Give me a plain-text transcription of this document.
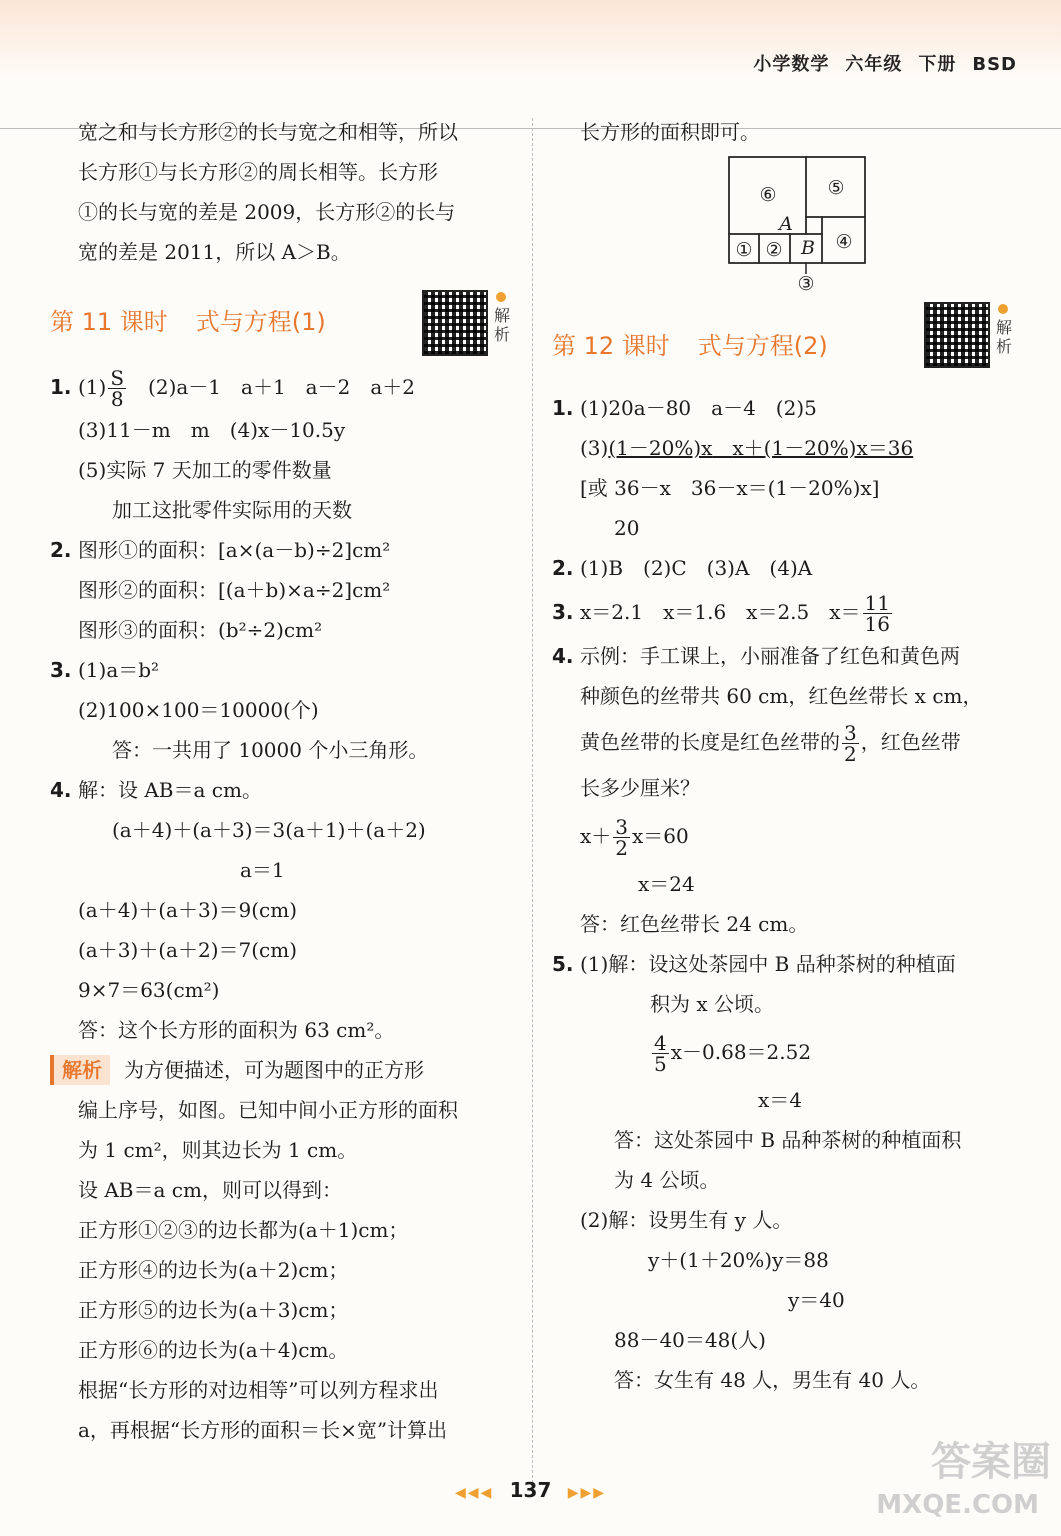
小学数学 六年级 下册 BSD

宽之和与长方形②的长与宽之和相等，所以

长方形①与长方形②的周长相等。长方形

①的长与宽的差是 2009，长方形②的长与

宽的差是 2011，所以 A＞B。

第 11 课时 式与方程(1)	解析

1. $(1) \frac{S}{8}$
　 (2)a－1　a＋1　a－2　a＋2

(3)11－m　m　(4)x－10.5y

(5)实际 7 天加工的零件数量

加工这批零件实际用的天数

2. 图形①的面积：[a×(a－b)÷2]cm²

图形②的面积：[(a＋b)×a÷2]cm²

图形③的面积：(b²÷2)cm²

3. (1)a＝b²

(2)100×100＝10000(个)

答：一共用了 10000 个小三角形。

4. 解：设 AB＝a cm。

(a＋4)＋(a＋3)＝3(a＋1)＋(a＋2)

a＝1

(a＋4)＋(a＋3)＝9(cm)

(a＋3)＋(a＋2)＝7(cm)

9×7＝63(cm²)

答：这个长方形的面积为 63 cm²。

解析 为方便描述，可为题图中的正方形

编上序号，如图。已知中间小正方形的面积

为 1 cm²，则其边长为 1 cm。

设 AB＝a cm，则可以得到：

正方形①②③的边长都为(a＋1)cm；

正方形④的边长为(a＋2)cm；

正方形⑤的边长为(a＋3)cm；

正方形⑥的边长为(a＋4)cm。

根据“长方形的对边相等”可以列方程求出

a，再根据“长方形的面积＝长×宽”计算出

⑥	⑤
A
① ② B ④
③

长方形的面积即可。

第 12 课时 式与方程(2)
解析

1. (1)20a－80　a－4　(2)5

(3)(1－20%)x　 x＋(1－20%)x＝36

[或 36－x　36－x＝(1－20%)x]

20

2. (1)B　(2)C　(3)A　(4)A

3. x＝2.1　x＝1.6　x＝2.5　$x= \frac{11}{16}$

4. 示例：手工课上，小丽准备了红色和黄色两

种颜色的丝带共 60 cm，红色丝带长 x cm，

黄色丝带的长度是红色丝带的 $\frac{3}{2}$ ，红色丝带

长多少厘米？

$x+ \frac{3}{2} x=60$

x＝24

答：红色丝带长 24 cm。

5. (1)解：设这处茶园中 B 品种茶树的种植面

积为 x 公顷。

$\frac{4}{5} x-0.68=2.52$

x＝4

答：这处茶园中 B 品种茶树的种植面积

为 4 公顷。

(2)解：设男生有 y 人。

y＋(1＋20%)y＝88

y＝40

88－40＝48(人)

答：女生有 48 人，男生有 40 人。

◀◀◀ 137 ▶▶▶
答案圈
MXQE.COM
